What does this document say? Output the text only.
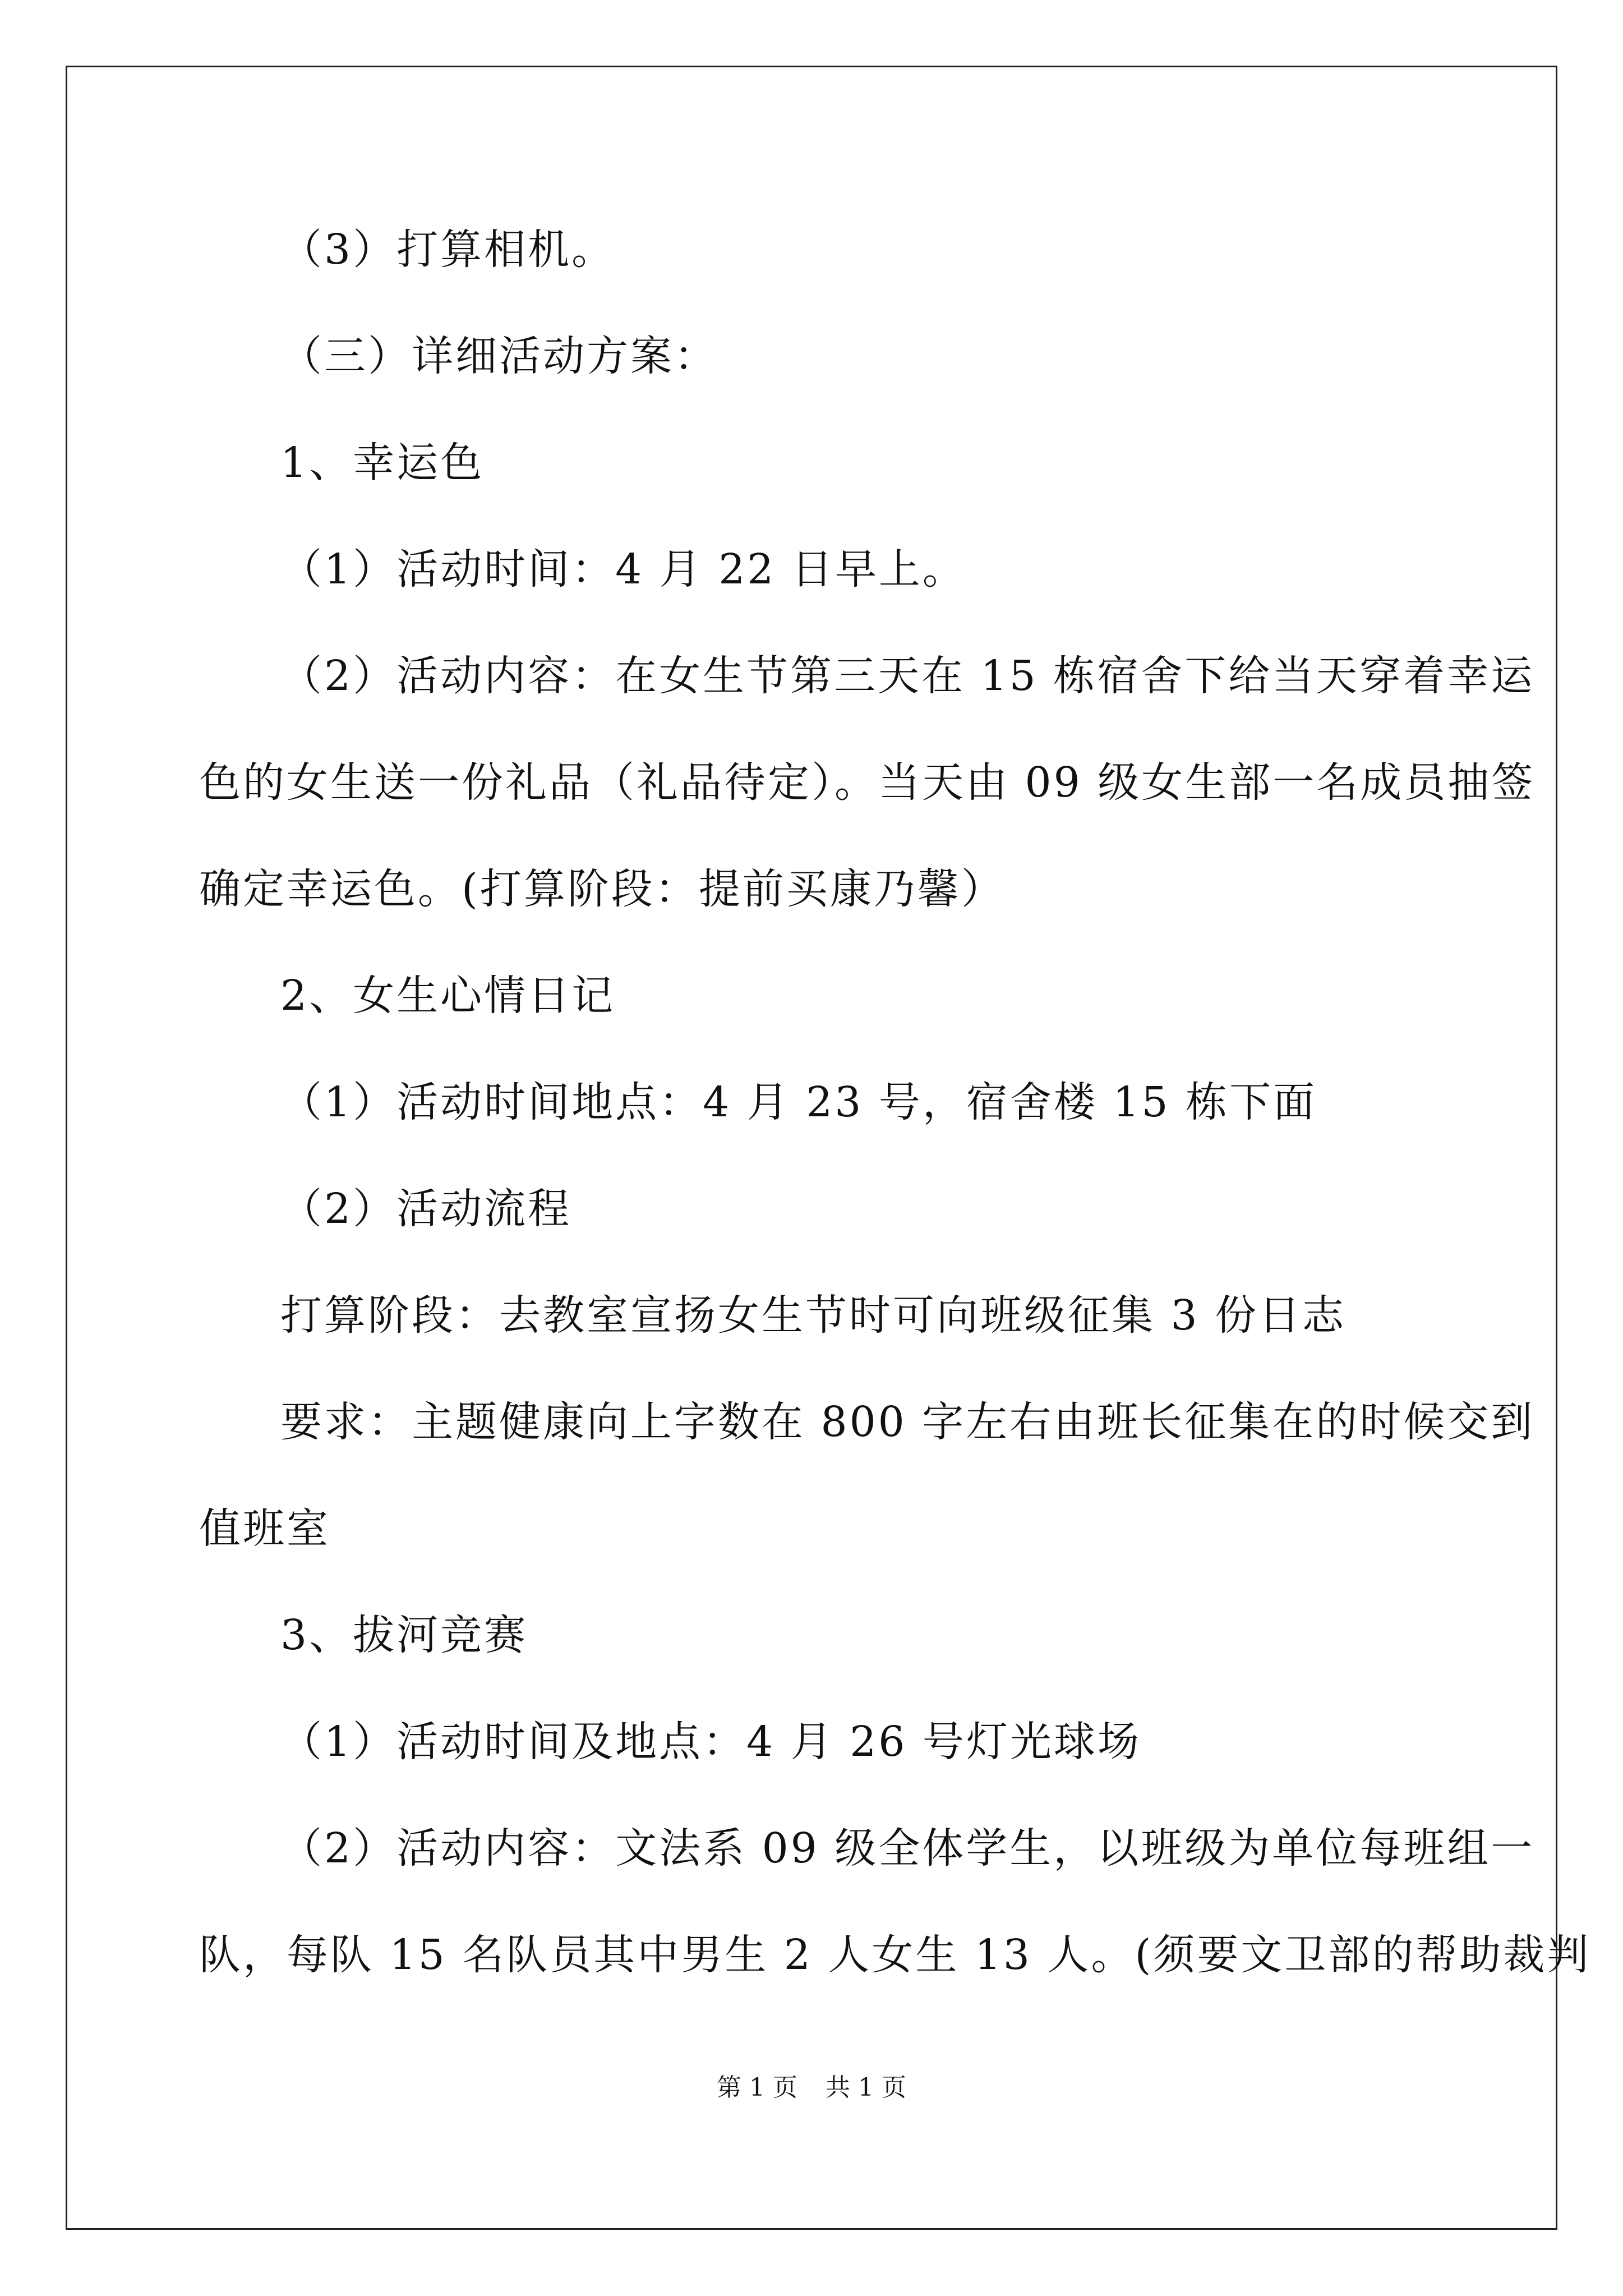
（3）打算相机。
（三）详细活动方案：
1、幸运色
（1）活动时间：4 月 22 日早上。
（2）活动内容：在女生节第三天在 15 栋宿舍下给当天穿着幸运
色的女生送一份礼品（礼品待定）。当天由 09 级女生部一名成员抽签
确定幸运色。(打算阶段：提前买康乃馨）
2、女生心情日记
（1）活动时间地点：4 月 23 号，宿舍楼 15 栋下面
（2）活动流程
打算阶段：去教室宣扬女生节时可向班级征集 3 份日志
要求：主题健康向上字数在 800 字左右由班长征集在的时候交到
值班室
3、拔河竞赛
（1）活动时间及地点：4 月 26 号灯光球场
（2）活动内容：文法系 09 级全体学生，以班级为单位每班组一
队，每队 15 名队员其中男生 2 人女生 13 人。(须要文卫部的帮助裁判
第 1 页 共 1 页
